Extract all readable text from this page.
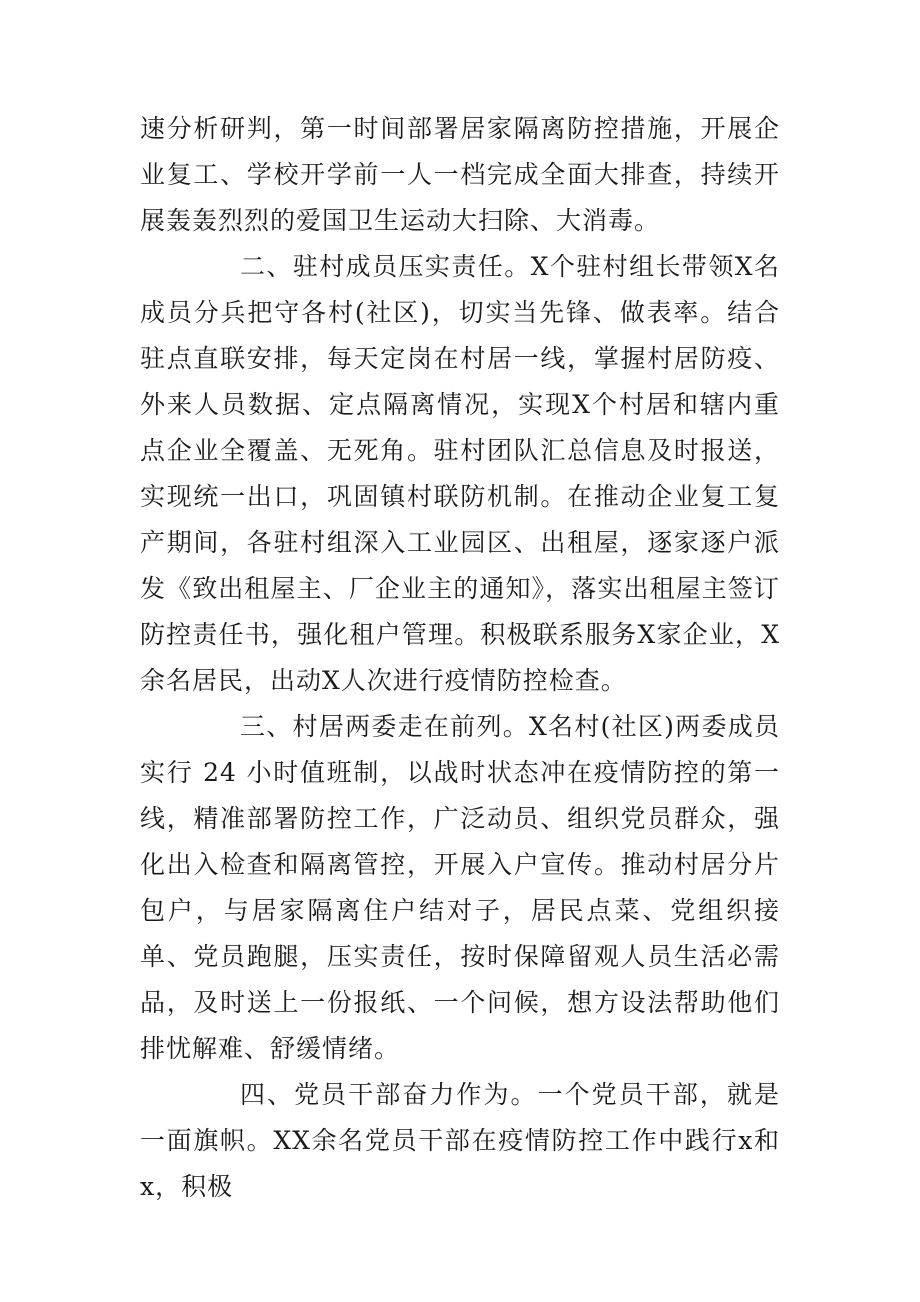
速分析研判，第一时间部署居家隔离防控措施，开展企业复工、学校开学前一人一档完成全面大排查，持续开展轰轰烈烈的爱国卫生运动大扫除、大消毒。

二、驻村成员压实责任。X个驻村组长带领X名成员分兵把守各村(社区)，切实当先锋、做表率。结合驻点直联安排，每天定岗在村居一线，掌握村居防疫、外来人员数据、定点隔离情况，实现X个村居和辖内重点企业全覆盖、无死角。驻村团队汇总信息及时报送，实现统一出口，巩固镇村联防机制。在推动企业复工复产期间，各驻村组深入工业园区、出租屋，逐家逐户派发《致出租屋主、厂企业主的通知》，落实出租屋主签订防控责任书，强化租户管理。积极联系服务X家企业，X余名居民，出动X人次进行疫情防控检查。

三、村居两委走在前列。X名村(社区)两委成员实行 24 小时值班制，以战时状态冲在疫情防控的第一线，精准部署防控工作，广泛动员、组织党员群众，强化出入检查和隔离管控，开展入户宣传。推动村居分片包户，与居家隔离住户结对子，居民点菜、党组织接单、党员跑腿，压实责任，按时保障留观人员生活必需品，及时送上一份报纸、一个问候，想方设法帮助他们排忧解难、舒缓情绪。

四、党员干部奋力作为。一个党员干部，就是一面旗帜。XX余名党员干部在疫情防控工作中践行x和x，积极
